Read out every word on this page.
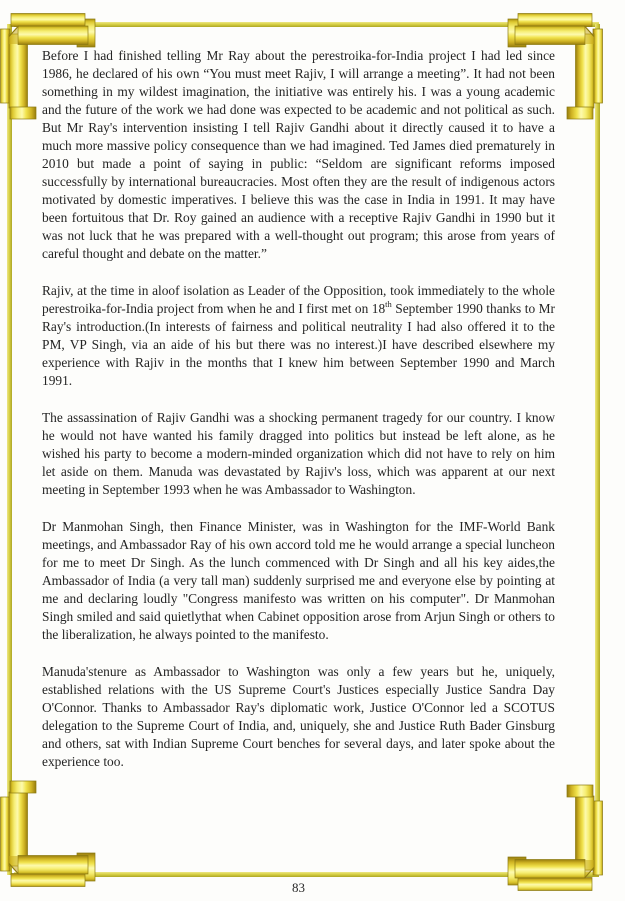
Before I had finished telling Mr Ray about the perestroika-for-India project I had led since 1986, he declared of his own “You must meet Rajiv, I will arrange a meeting”. It had not been something in my wildest imagination, the initiative was entirely his. I was a young academic and the future of the work we had done was expected to be academic and not political as such. But Mr Ray's intervention insisting I tell Rajiv Gandhi about it directly caused it to have a much more massive policy consequence than we had imagined. Ted James died prematurely in 2010 but made a point of saying in public: “Seldom are significant reforms imposed successfully by international bureaucracies. Most often they are the result of indigenous actors motivated by domestic imperatives. I believe this was the case in India in 1991. It may have been fortuitous that Dr. Roy gained an audience with a receptive Rajiv Gandhi in 1990 but it was not luck that he was prepared with a well-thought out program; this arose from years of careful thought and debate on the matter.”

Rajiv, at the time in aloof isolation as Leader of the Opposition, took immediately to the whole perestroika-for-India project from when he and I first met on 18th September 1990 thanks to Mr Ray's introduction.(In interests of fairness and political neutrality I had also offered it to the PM, VP Singh, via an aide of his but there was no interest.)I have described elsewhere my experience with Rajiv in the months that I knew him between September 1990 and March 1991.

The assassination of Rajiv Gandhi was a shocking permanent tragedy for our country. I know he would not have wanted his family dragged into politics but instead be left alone, as he wished his party to become a modern-minded organization which did not have to rely on him let aside on them. Manuda was devastated by Rajiv's loss, which was apparent at our next meeting in September 1993 when he was Ambassador to Washington.

Dr Manmohan Singh, then Finance Minister, was in Washington for the IMF-World Bank meetings, and Ambassador Ray of his own accord told me he would arrange a special luncheon for me to meet Dr Singh. As the lunch commenced with Dr Singh and all his key aides,the Ambassador of India (a very tall man) suddenly surprised me and everyone else by pointing at me and declaring loudly "Congress manifesto was written on his computer". Dr Manmohan Singh smiled and said quietlythat when Cabinet opposition arose from Arjun Singh or others to the liberalization, he always pointed to the manifesto.

Manuda'stenure as Ambassador to Washington was only a few years but he, uniquely, established relations with the US Supreme Court's Justices especially Justice Sandra Day O'Connor. Thanks to Ambassador Ray's diplomatic work, Justice O'Connor led a SCOTUS delegation to the Supreme Court of India, and, uniquely, she and Justice Ruth Bader Ginsburg and others, sat with Indian Supreme Court benches for several days, and later spoke about the experience too.

83
